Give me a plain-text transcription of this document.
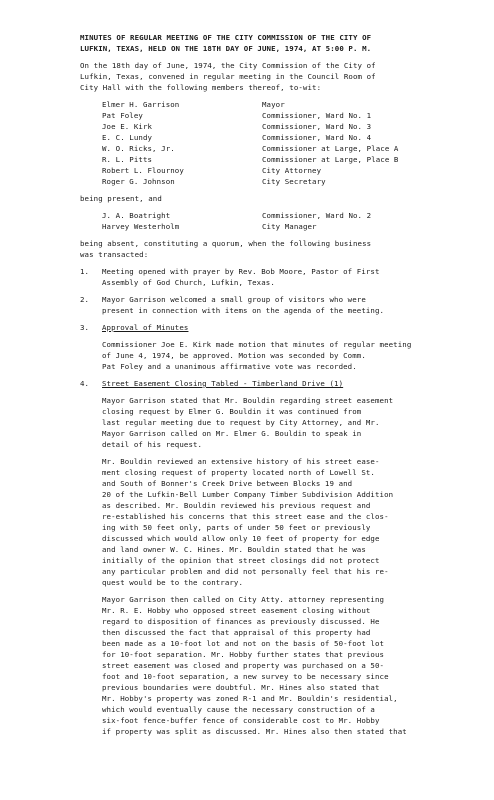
MINUTES OF REGULAR MEETING OF THE CITY COMMISSION OF THE CITY OF
LUFKIN, TEXAS, HELD ON THE 18TH DAY OF JUNE, 1974, AT 5:00 P. M.
On the 18th day of June, 1974, the City Commission of the City of
Lufkin, Texas, convened in regular meeting in the Council Room of
City Hall with the following members thereof, to-wit:
Elmer H. Garrison	Mayor
Pat Foley	Commissioner, Ward No. 1
Joe E. Kirk	Commissioner, Ward No. 3
E. C. Lundy	Commissioner, Ward No. 4
W. O. Ricks, Jr.	Commissioner at Large, Place A
R. L. Pitts	Commissioner at Large, Place B
Robert L. Flournoy	City Attorney
Roger G. Johnson	City Secretary
being present, and
J. A. Boatright	Commissioner, Ward No. 2
Harvey Westerholm	City Manager
being absent, constituting a quorum, when the following business
was transacted:
1.	Meeting opened with prayer by Rev. Bob Moore, Pastor of First
Assembly of God Church, Lufkin, Texas.
2.	Mayor Garrison welcomed a small group of visitors who were
present in connection with items on the agenda of the meeting.
3.	Approval of Minutes
Commissioner Joe E. Kirk made motion that minutes of regular meeting
of June 4, 1974, be approved. Motion was seconded by Comm.
Pat Foley and a unanimous affirmative vote was recorded.
4.	Street Easement Closing Tabled - Timberland Drive (1)
Mayor Garrison stated that Mr. Bouldin regarding street easement
closing request by Elmer G. Bouldin it was continued from
last regular meeting due to request by City Attorney, and Mr.
Mayor Garrison called on Mr. Elmer G. Bouldin to speak in
detail of his request.
Mr. Bouldin reviewed an extensive history of his street ease-
ment closing request of property located north of Lowell St.
and South of Bonner's Creek Drive between Blocks 19 and
20 of the Lufkin-Bell Lumber Company Timber Subdivision Addition
as described. Mr. Bouldin reviewed his previous request and
re-established his concerns that this street ease and the clos-
ing with 50 feet only, parts of under 50 feet or previously
discussed which would allow only 10 feet of property for edge
and land owner W. C. Hines. Mr. Bouldin stated that he was
initially of the opinion that street closings did not protect
any particular problem and did not personally feel that his re-
quest would be to the contrary.
Mayor Garrison then called on City Atty. attorney representing
Mr. R. E. Hobby who opposed street easement closing without
regard to disposition of finances as previously discussed. He
then discussed the fact that appraisal of this property had
been made as a 10-foot lot and not on the basis of 50-foot lot
for 10-foot separation. Mr. Hobby further states that previous
street easement was closed and property was purchased on a 50-
foot and 10-foot separation, a new survey to be necessary since
previous boundaries were doubtful. Mr. Hines also stated that
Mr. Hobby's property was zoned R-1 and Mr. Bouldin's residential,
which would eventually cause the necessary construction of a
six-foot fence-buffer fence of considerable cost to Mr. Hobby
if property was split as discussed. Mr. Hines also then stated that
